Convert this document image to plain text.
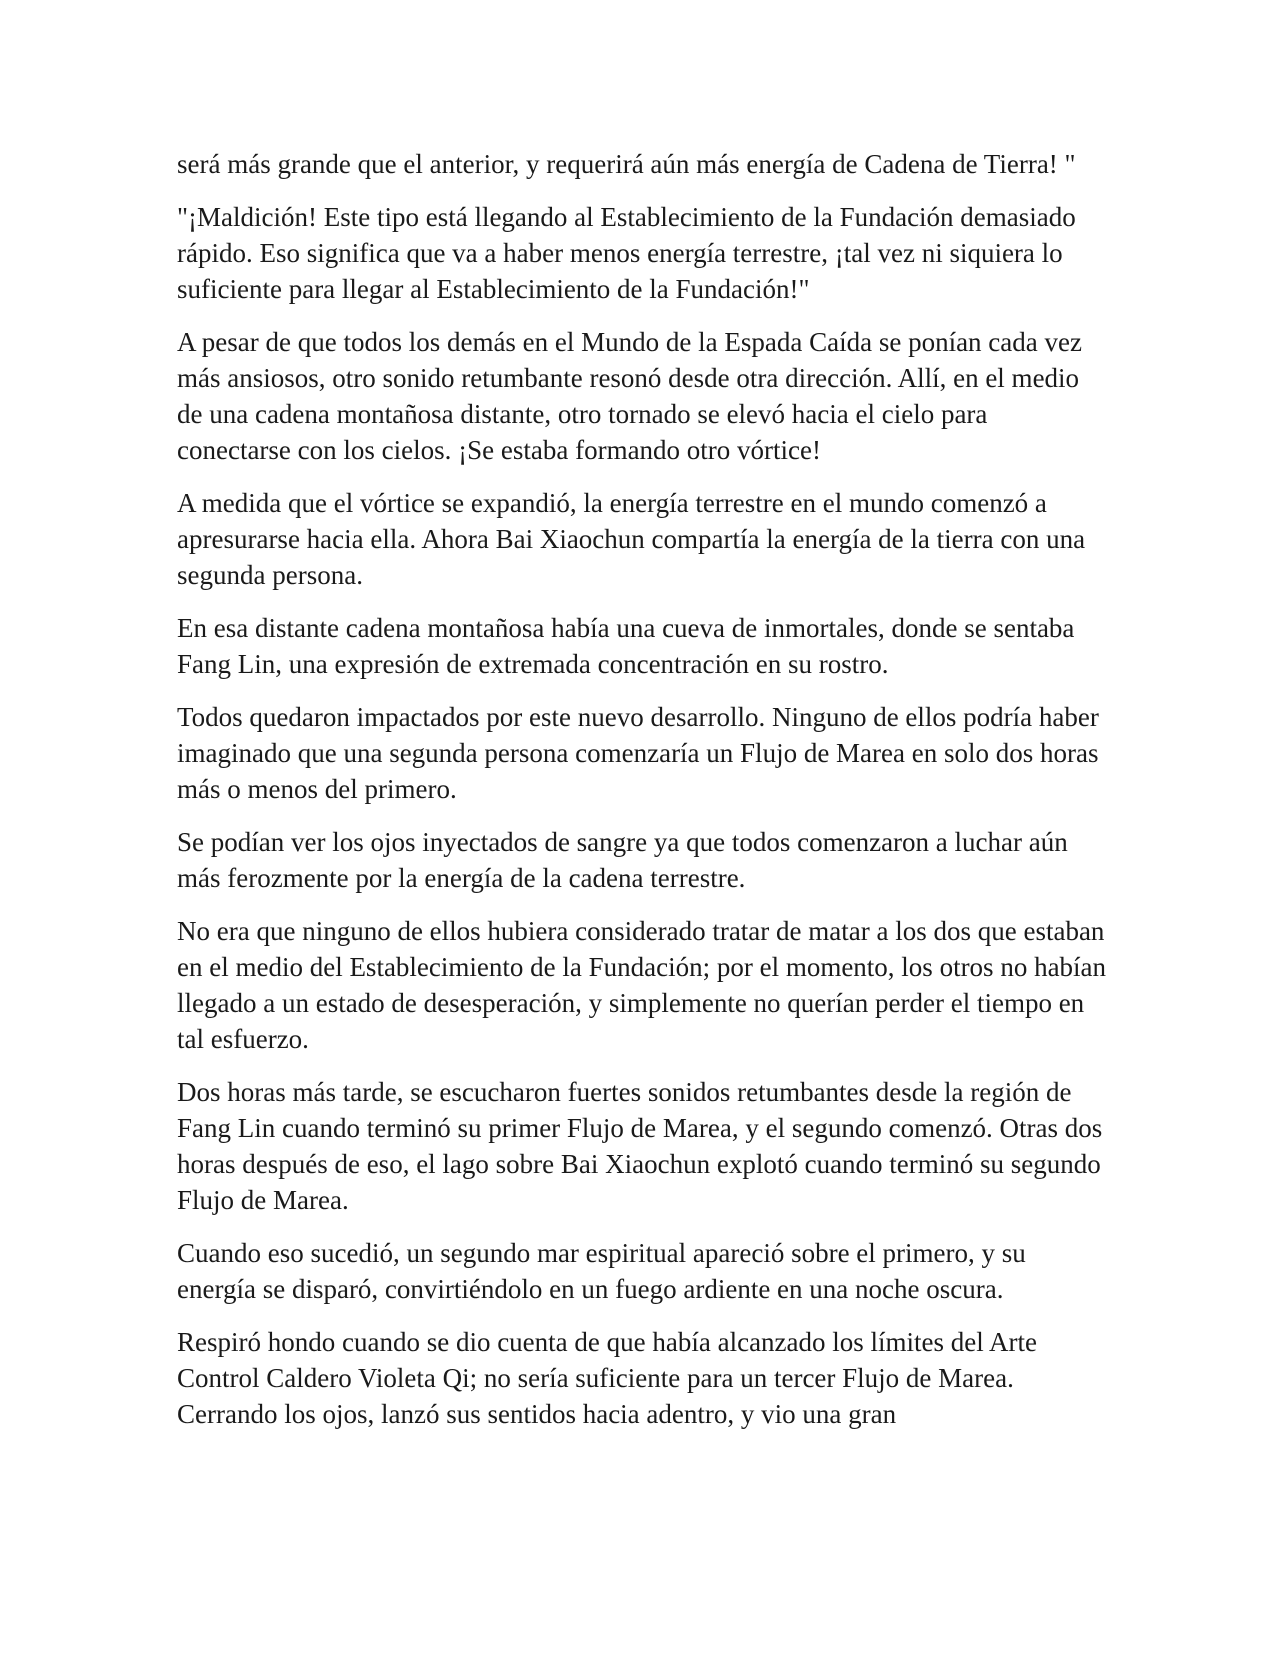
será más grande que el anterior, y requerirá aún más energía de Cadena de Tierra! "

"¡Maldición! Este tipo está llegando al Establecimiento de la Fundación demasiado rápido. Eso significa que va a haber menos energía terrestre, ¡tal vez ni siquiera lo suficiente para llegar al Establecimiento de la Fundación!"

A pesar de que todos los demás en el Mundo de la Espada Caída se ponían cada vez más ansiosos, otro sonido retumbante resonó desde otra dirección. Allí, en el medio de una cadena montañosa distante, otro tornado se elevó hacia el cielo para conectarse con los cielos. ¡Se estaba formando otro vórtice!

A medida que el vórtice se expandió, la energía terrestre en el mundo comenzó a apresurarse hacia ella. Ahora Bai Xiaochun compartía la energía de la tierra con una segunda persona.

En esa distante cadena montañosa había una cueva de inmortales, donde se sentaba Fang Lin, una expresión de extremada concentración en su rostro.

Todos quedaron impactados por este nuevo desarrollo. Ninguno de ellos podría haber imaginado que una segunda persona comenzaría un Flujo de Marea en solo dos horas más o menos del primero.

Se podían ver los ojos inyectados de sangre ya que todos comenzaron a luchar aún más ferozmente por la energía de la cadena terrestre.

No era que ninguno de ellos hubiera considerado tratar de matar a los dos que estaban en el medio del Establecimiento de la Fundación; por el momento, los otros no habían llegado a un estado de desesperación, y simplemente no querían perder el tiempo en tal esfuerzo.

Dos horas más tarde, se escucharon fuertes sonidos retumbantes desde la región de Fang Lin cuando terminó su primer Flujo de Marea, y el segundo comenzó. Otras dos horas después de eso, el lago sobre Bai Xiaochun explotó cuando terminó su segundo Flujo de Marea.

Cuando eso sucedió, un segundo mar espiritual apareció sobre el primero, y su energía se disparó, convirtiéndolo en un fuego ardiente en una noche oscura.

Respiró hondo cuando se dio cuenta de que había alcanzado los límites del Arte Control Caldero Violeta Qi; no sería suficiente para un tercer Flujo de Marea. Cerrando los ojos, lanzó sus sentidos hacia adentro, y vio una gran
